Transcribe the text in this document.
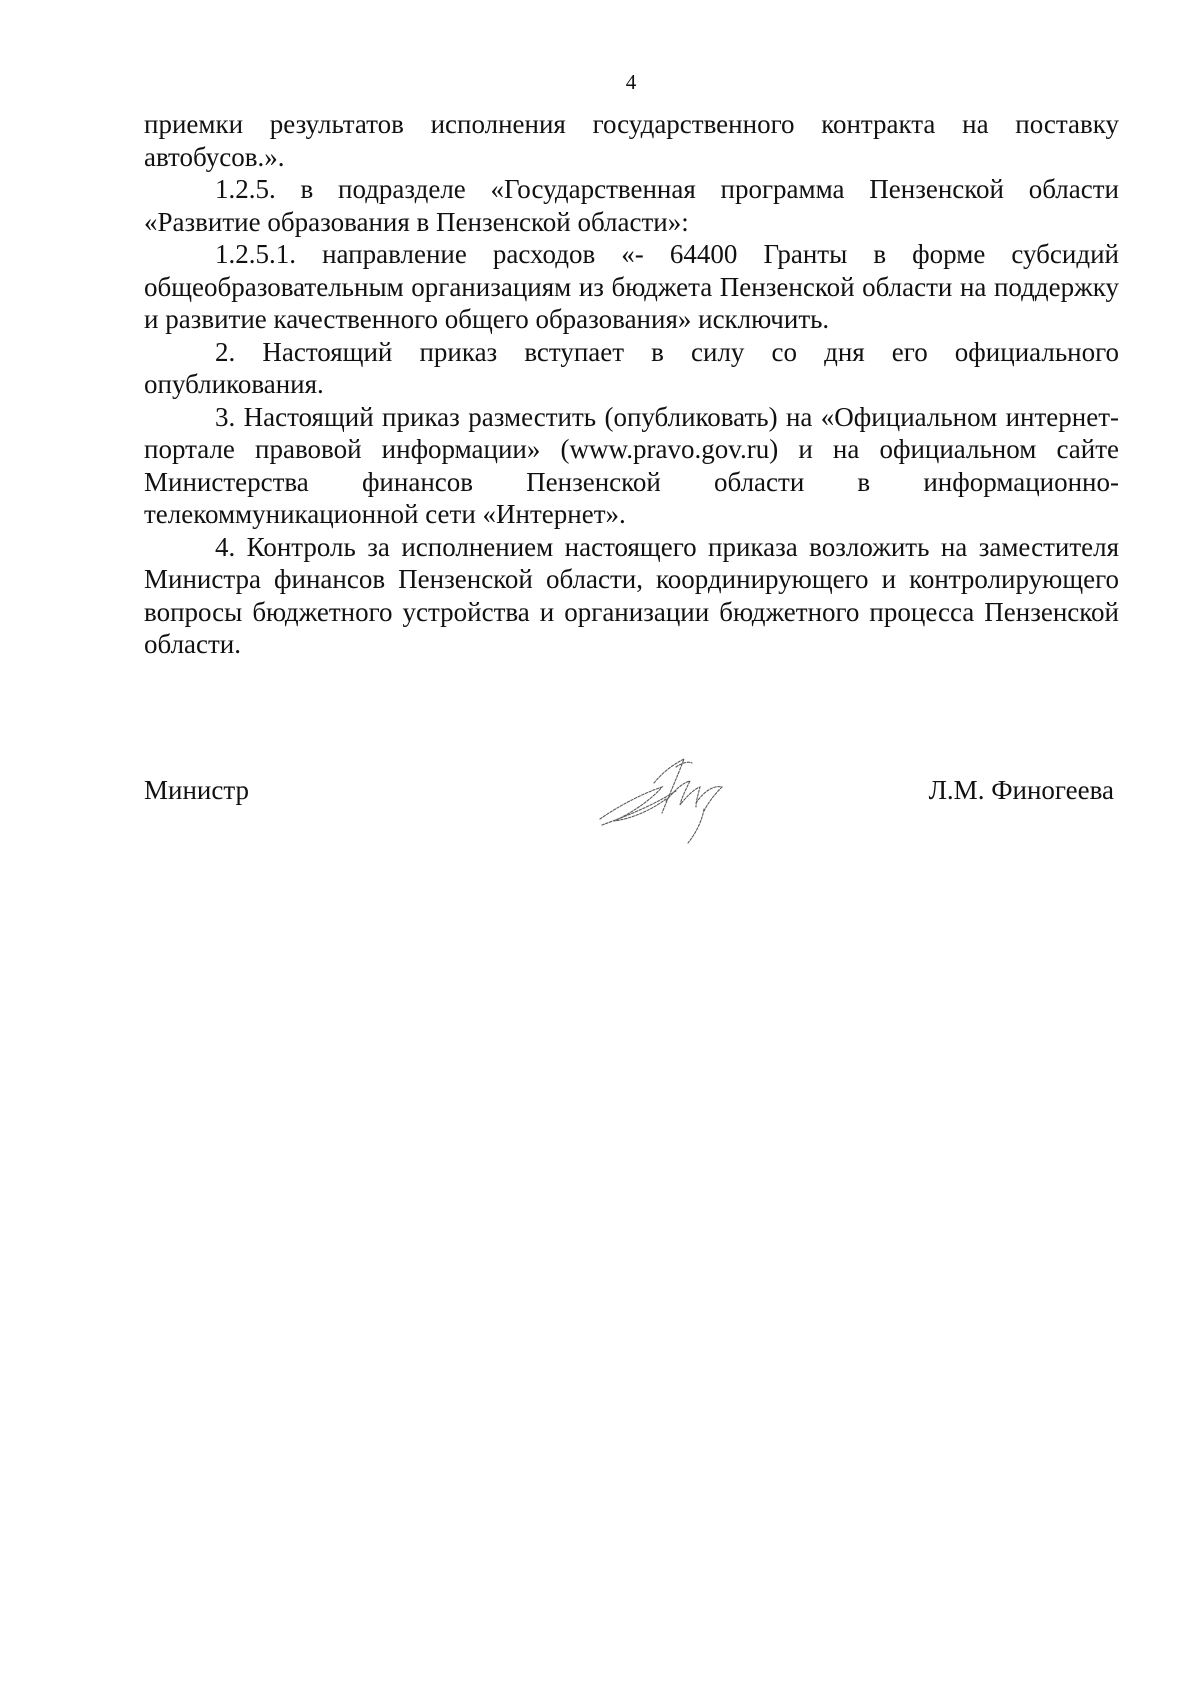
4

приемки результатов исполнения государственного контракта на поставку автобусов.».

1.2.5. в подразделе «Государственная программа Пензенской области «Развитие образования в Пензенской области»:

1.2.5.1. направление расходов «- 64400 Гранты в форме субсидий общеобразовательным организациям из бюджета Пензенской области на поддержку и развитие качественного общего образования» исключить.

2. Настоящий приказ вступает в силу со дня его официального опубликования.

3. Настоящий приказ разместить (опубликовать) на «Официальном интернет-портале правовой информации» (www.pravo.gov.ru) и на официальном сайте Министерства финансов Пензенской области в информационно-телекоммуникационной сети «Интернет».

4. Контроль за исполнением настоящего приказа возложить на заместителя Министра финансов Пензенской области, координирующего и контролирующего вопросы бюджетного устройства и организации бюджетного процесса Пензенской области.

Министр	Л.М. Финогеева
